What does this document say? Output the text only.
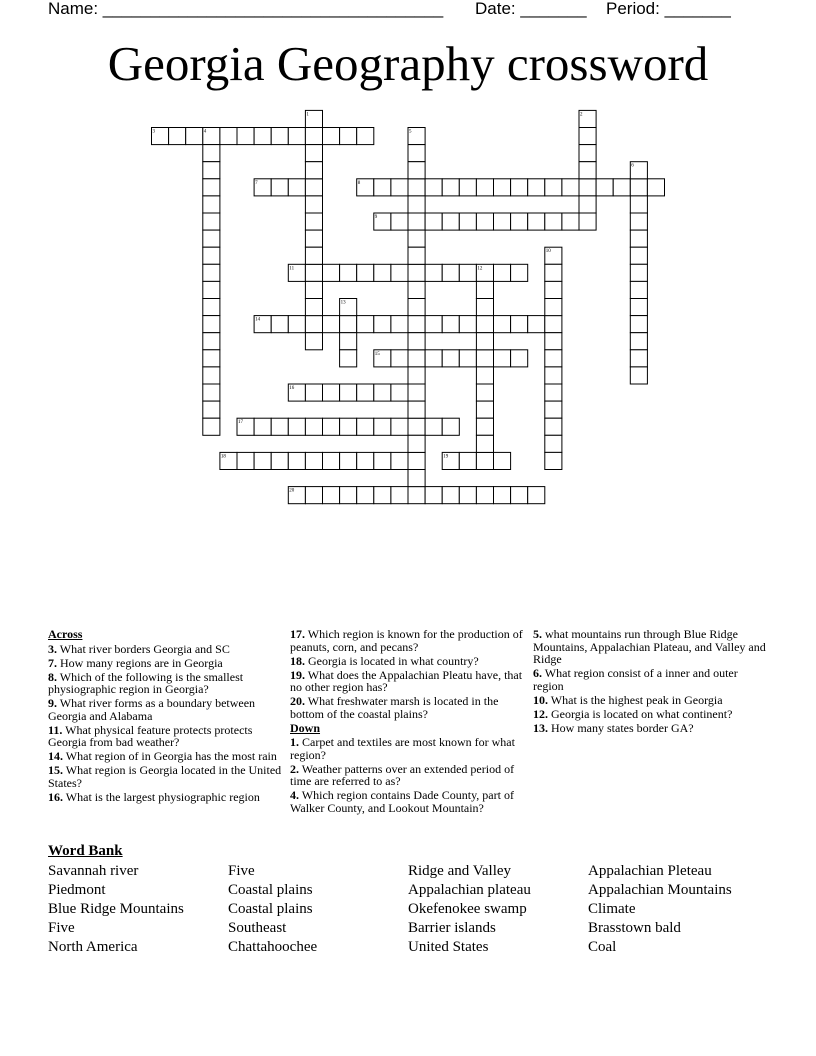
Name: ____________________________________ Date: _______ Period: _______
Georgia Geography crossword
3
7	8
9
11
14
15
16
17
18	19
20
1	2
4	5
6
10
12
13
Across
3. What river borders Georgia and SC
7. How many regions are in Georgia
8. Which of the following is the smallest physiographic region in Georgia?
9. What river forms as a boundary between Georgia and Alabama
11. What physical feature protects protects Georgia from bad weather?
14. What region of in Georgia has the most rain
15. What region is Georgia located in the United States?
16. What is the largest physiographic region
17. Which region is known for the production of peanuts, corn, and pecans?
18. Georgia is located in what country?
19. What does the Appalachian Pleatu have, that no other region has?
20. What freshwater marsh is located in the bottom of the coastal plains?
Down
1. Carpet and textiles are most known for what region?
2. Weather patterns over an extended period of time are referred to as?
4. Which region contains Dade County, part of Walker County, and Lookout Mountain?
5. what mountains run through Blue Ridge Mountains, Appalachian Plateau, and Valley and Ridge
6. What region consist of a inner and outer region
10. What is the highest peak in Georgia
12. Georgia is located on what continent?
13. How many states border GA?
Word Bank
Savannah river
Piedmont
Blue Ridge Mountains
Five
North America
Five
Coastal plains
Coastal plains
Southeast
Chattahoochee
Ridge and Valley
Appalachian plateau
Okefenokee swamp
Barrier islands
United States
Appalachian Pleteau
Appalachian Mountains
Climate
Brasstown bald
Coal
